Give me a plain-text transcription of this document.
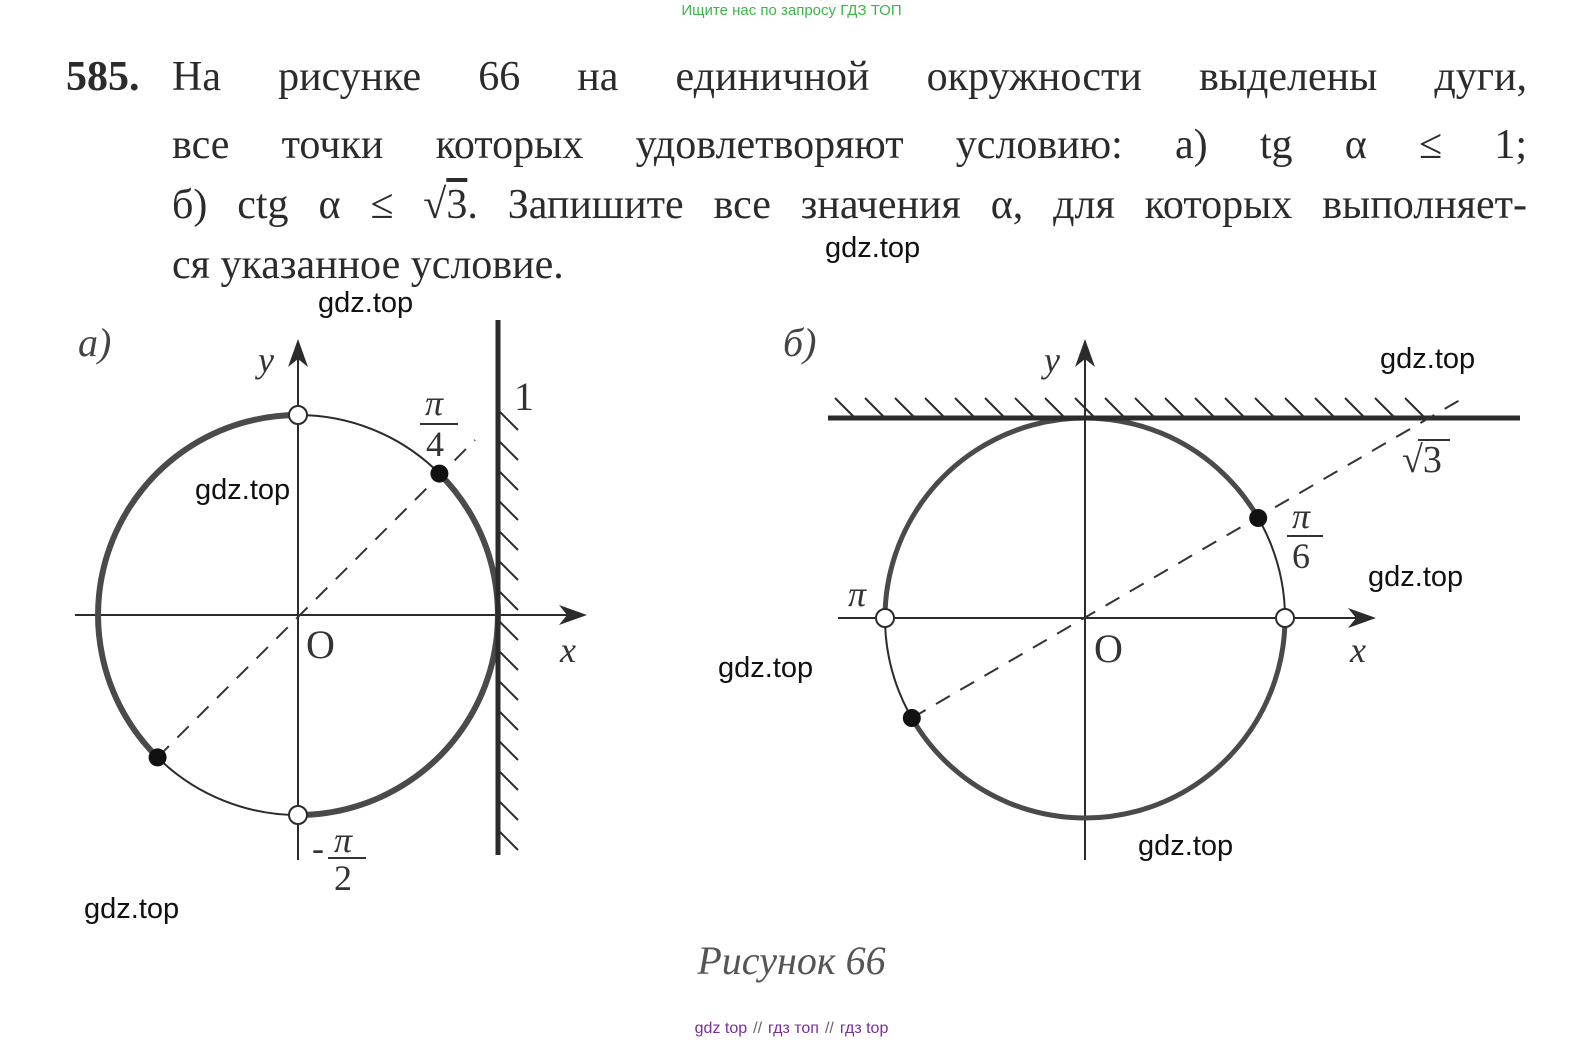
Ищите нас по запросу ГДЗ ТОП
585. На рисунке 66 на единичной окружности выделены дуги,
все точки которых удовлетворяют условию: а) tg α ≤ 1;
б) ctg α ≤ √3. Запишите все значения α, для которых выполняет-
ся указанное условие.
а)	y
x
O
1
π
4
- π
2
б)	y
x
O
√3
π
6
π
gdz.top
gdz.top
gdz.top
gdz.top
gdz.top
gdz.top
gdz.top
gdz.top
Рисунок 66
gdz top // гдз топ // гдз top
